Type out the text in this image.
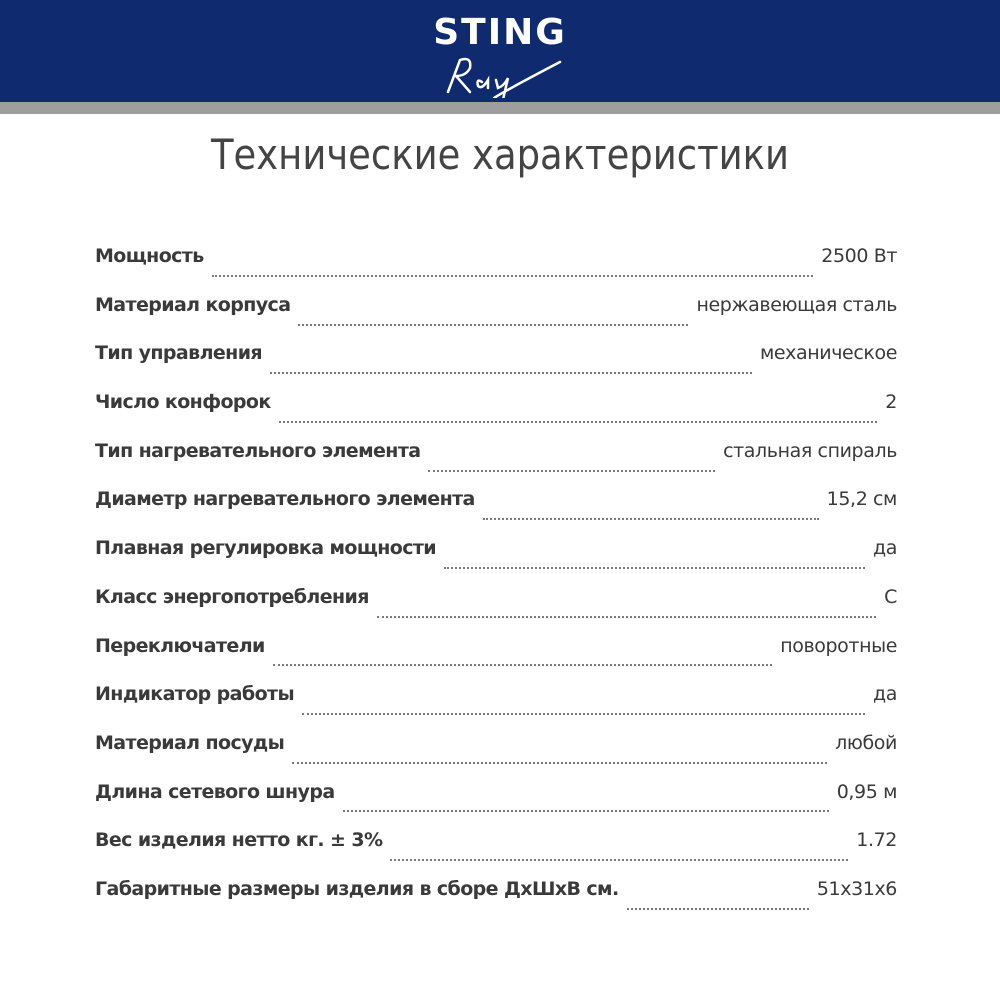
STING
Технические характеристики
Мощность	2500 Вт
Материал корпуса	нержавеющая сталь
Тип управления	механическое
Число конфорок	2
Тип нагревательного элемента	стальная спираль
Диаметр нагревательного элемента	15,2 см
Плавная регулировка мощности	да
Класс энергопотребления	C
Переключатели	поворотные
Индикатор работы	да
Материал посуды	любой
Длина сетевого шнура	0,95 м
Вес изделия нетто кг. ± 3%	1.72
Габаритные размеры изделия в сборе ДхШхВ см.	51x31x6
